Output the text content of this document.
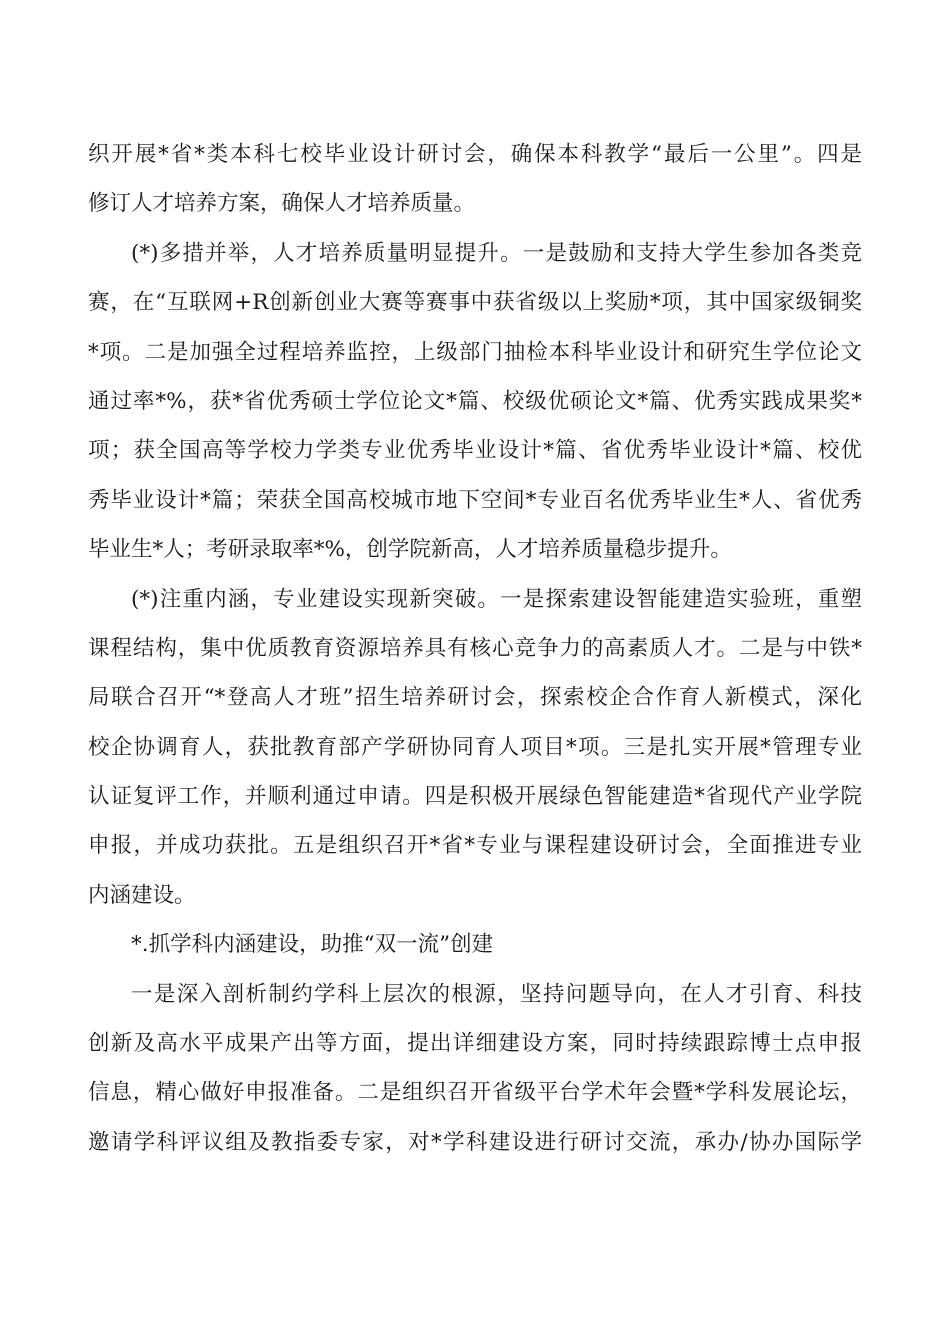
织开展*省*类本科七校毕业设计研讨会，确保本科教学“最后一公里”。四是
修订人才培养方案，确保人才培养质量。
(*)多措并举，人才培养质量明显提升。一是鼓励和支持大学生参加各类竞
赛，在“互联网+R创新创业大赛等赛事中获省级以上奖励*项，其中国家级铜奖
*项。二是加强全过程培养监控，上级部门抽检本科毕业设计和研究生学位论文
通过率*%，获*省优秀硕士学位论文*篇、校级优硕论文*篇、优秀实践成果奖*
项；获全国高等学校力学类专业优秀毕业设计*篇、省优秀毕业设计*篇、校优
秀毕业设计*篇；荣获全国高校城市地下空间*专业百名优秀毕业生*人、省优秀
毕业生*人；考研录取率*%，创学院新高，人才培养质量稳步提升。
(*)注重内涵，专业建设实现新突破。一是探索建设智能建造实验班，重塑
课程结构，集中优质教育资源培养具有核心竞争力的高素质人才。二是与中铁*
局联合召开“*登高人才班”招生培养研讨会，探索校企合作育人新模式，深化
校企协调育人，获批教育部产学研协同育人项目*项。三是扎实开展*管理专业
认证复评工作，并顺利通过申请。四是积极开展绿色智能建造*省现代产业学院
申报，并成功获批。五是组织召开*省*专业与课程建设研讨会，全面推进专业
内涵建设。
*.抓学科内涵建设，助推“双一流”创建
一是深入剖析制约学科上层次的根源，坚持问题导向，在人才引育、科技
创新及高水平成果产出等方面，提出详细建设方案，同时持续跟踪博士点申报
信息，精心做好申报准备。二是组织召开省级平台学术年会暨*学科发展论坛，
邀请学科评议组及教指委专家，对*学科建设进行研讨交流，承办/协办国际学
